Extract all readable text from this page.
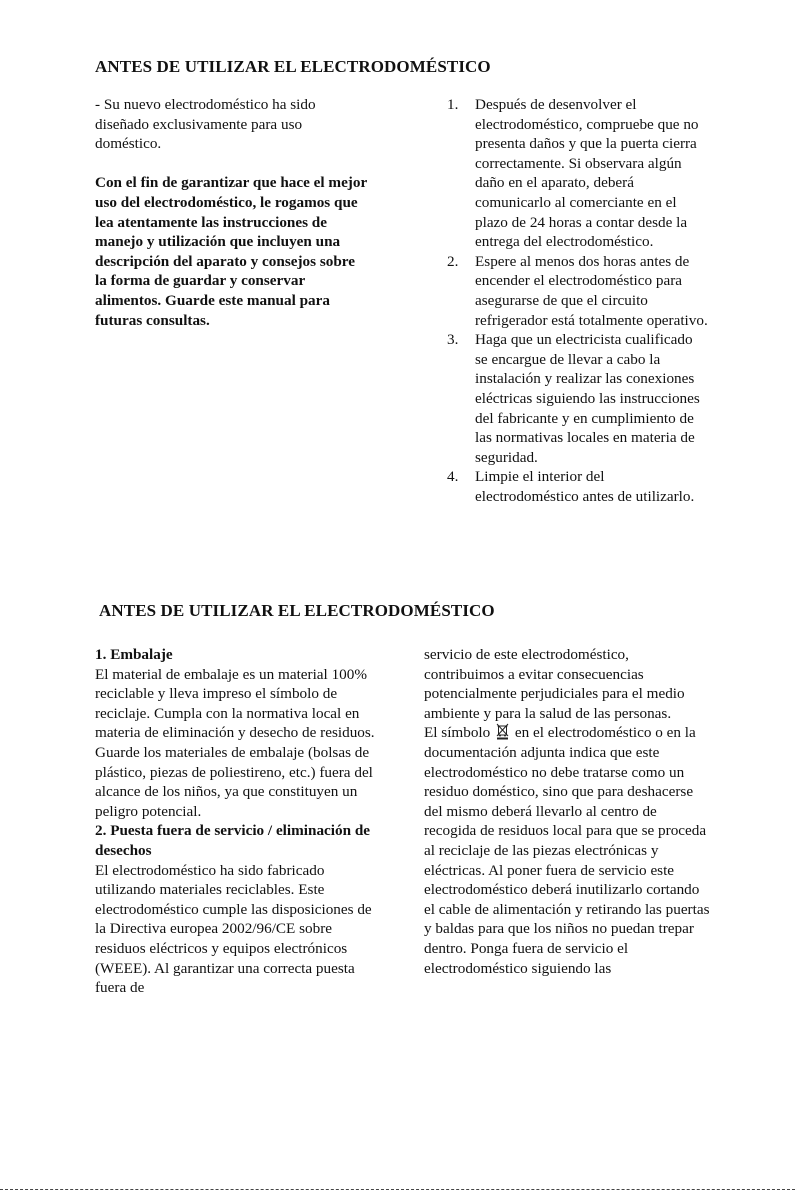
ANTES DE UTILIZAR EL ELECTRODOMÉSTICO

- Su nuevo electrodoméstico ha sido diseñado exclusivamente para uso doméstico.

Con el fin de garantizar que hace el mejor uso del electrodoméstico, le rogamos que lea atentamente las instrucciones de manejo y utilización que incluyen una descripción del aparato y consejos sobre la forma de guardar y conservar alimentos. Guarde este manual para futuras consultas.

1. Después de desenvolver el electrodoméstico, compruebe que no presenta daños y que la puerta cierra correctamente. Si observara algún daño en el aparato, deberá comunicarlo al comerciante en el plazo de 24 horas a contar desde la entrega del electrodoméstico.
2. Espere al menos dos horas antes de encender el electrodoméstico para asegurarse de que el circuito refrigerador está totalmente operativo.
3. Haga que un electricista cualificado se encargue de llevar a cabo la instalación y realizar las conexiones eléctricas siguiendo las instrucciones del fabricante y en cumplimiento de las normativas locales en materia de seguridad.
4. Limpie el interior del electrodoméstico antes de utilizarlo.
ANTES DE UTILIZAR EL ELECTRODOMÉSTICO

1. Embalaje

El material de embalaje es un material 100% reciclable y lleva impreso el símbolo de reciclaje. Cumpla con la normativa local en materia de eliminación y desecho de residuos. Guarde los materiales de embalaje (bolsas de plástico, piezas de poliestireno, etc.) fuera del alcance de los niños, ya que constituyen un peligro potencial.

2. Puesta fuera de servicio / eliminación de desechos

El electrodoméstico ha sido fabricado utilizando materiales reciclables. Este electrodoméstico cumple las disposiciones de la Directiva europea 2002/96/CE sobre residuos eléctricos y equipos electrónicos (WEEE). Al garantizar una correcta puesta fuera de

servicio de este electrodoméstico, contribuimos a evitar consecuencias potencialmente perjudiciales para el medio ambiente y para la salud de las personas.

El símbolo en el electrodoméstico o en la documentación adjunta indica que este electrodoméstico no debe tratarse como un residuo doméstico, sino que para deshacerse del mismo deberá llevarlo al centro de recogida de residuos local para que se proceda al reciclaje de las piezas electrónicas y eléctricas. Al poner fuera de servicio este electrodoméstico deberá inutilizarlo cortando el cable de alimentación y retirando las puertas y baldas para que los niños no puedan trepar dentro. Ponga fuera de servicio el electrodoméstico siguiendo las
